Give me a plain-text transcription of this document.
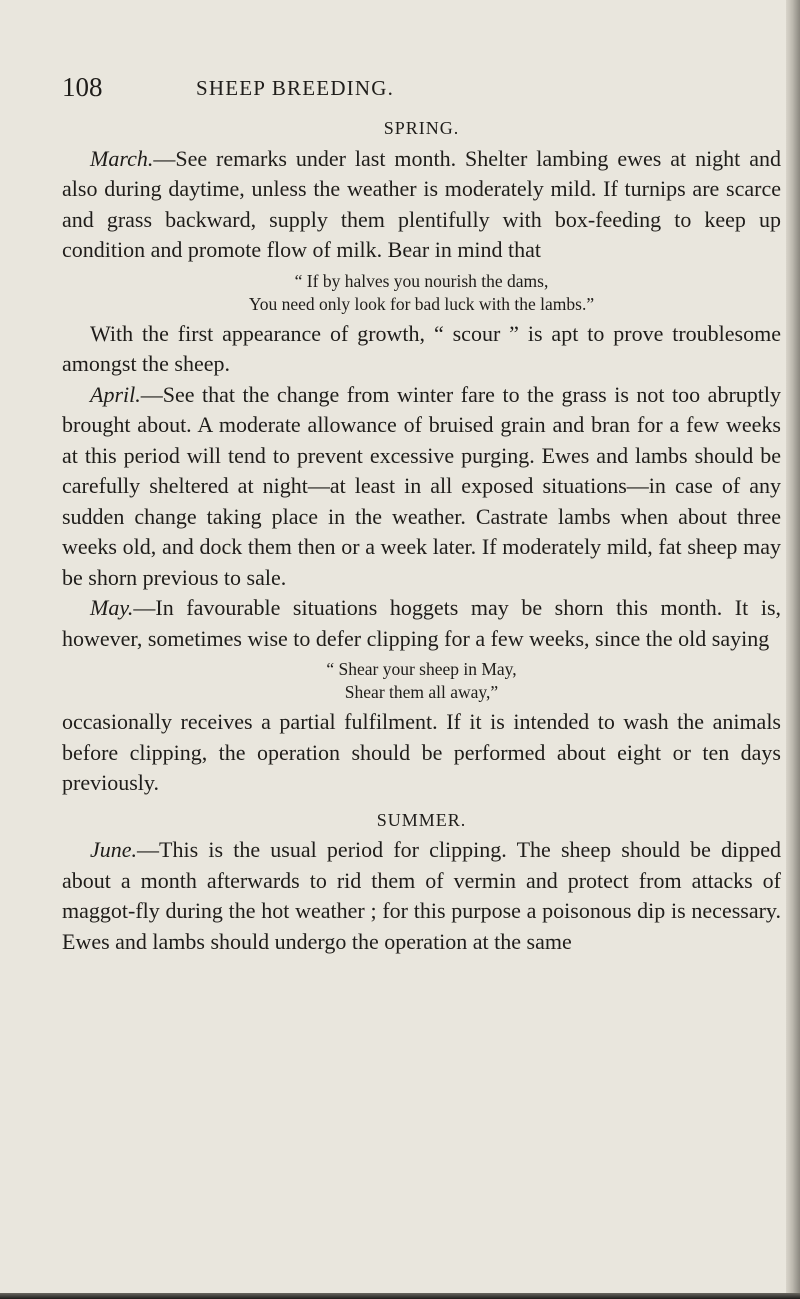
108	SHEEP BREEDING.

SPRING.

March.—See remarks under last month. Shelter lambing ewes at night and also during daytime, unless the weather is moderately mild. If turnips are scarce and grass backward, supply them plentifully with box-feeding to keep up condition and promote flow of milk. Bear in mind that

“ If by halves you nourish the dams,
You need only look for bad luck with the lambs.”

With the first appearance of growth, “ scour ” is apt to prove troublesome amongst the sheep.

April.—See that the change from winter fare to the grass is not too abruptly brought about. A moderate allowance of bruised grain and bran for a few weeks at this period will tend to prevent excessive purging. Ewes and lambs should be carefully sheltered at night—at least in all exposed situations—in case of any sudden change taking place in the weather. Castrate lambs when about three weeks old, and dock them then or a week later. If moderately mild, fat sheep may be shorn previous to sale.

May.—In favourable situations hoggets may be shorn this month. It is, however, sometimes wise to defer clipping for a few weeks, since the old saying

“ Shear your sheep in May,
Shear them all away,”

occasionally receives a partial fulfilment. If it is intended to wash the animals before clipping, the operation should be performed about eight or ten days previously.

SUMMER.

June.—This is the usual period for clipping. The sheep should be dipped about a month afterwards to rid them of vermin and protect from attacks of maggot-fly during the hot weather ; for this purpose a poisonous dip is necessary. Ewes and lambs should undergo the operation at the same
